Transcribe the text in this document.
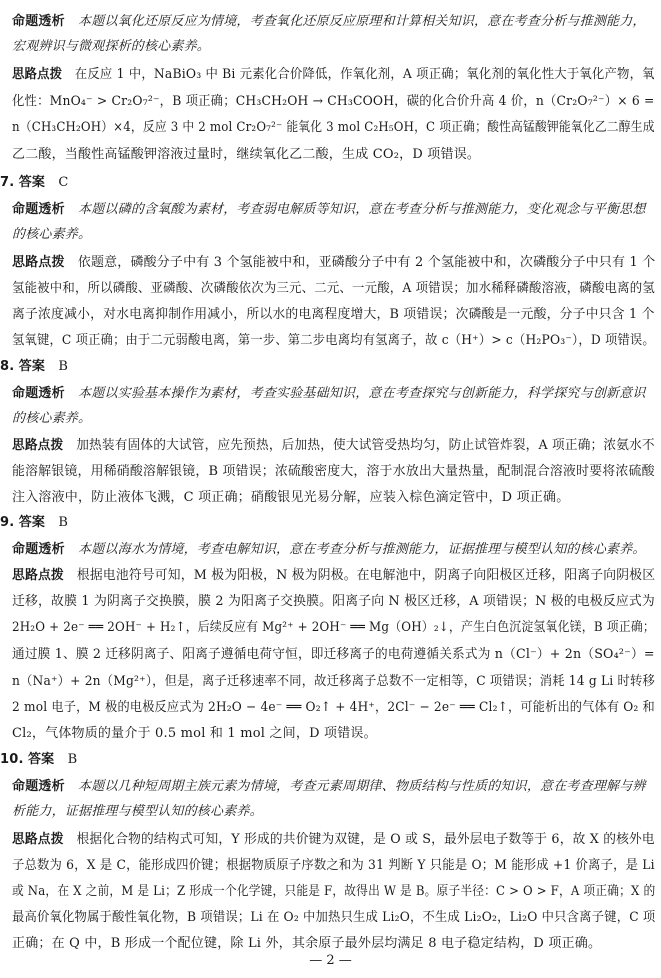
命题透析　 本题以氧化还原反应为情境，考查氧化还原反应原理和计算相关知识，意在考查分析与推测能力，
宏观辨识与微观探析的核心素养。
思路点拨　 在反应 1 中，NaBiO₃ 中 Bi 元素化合价降低，作氧化剂，A 项正确；氧化剂的氧化性大于氧化产物，氧
化性：MnO₄⁻ > Cr₂O₇²⁻，B 项正确；CH₃CH₂OH → CH₃COOH，碳的化合价升高 4 价，n（Cr₂O₇²⁻）× 6 =
n（CH₃CH₂OH）×4，反应 3 中 2 mol Cr₂O₇²⁻ 能氧化 3 mol C₂H₅OH，C 项正确；酸性高锰酸钾能氧化乙二醇生成
乙二酸，当酸性高锰酸钾溶液过量时，继续氧化乙二酸，生成 CO₂，D 项错误。
7. 答案　 C
命题透析　 本题以磷的含氧酸为素材，考查弱电解质等知识，意在考查分析与推测能力，变化观念与平衡思想
的核心素养。
思路点拨　 依题意，磷酸分子中有 3 个氢能被中和，亚磷酸分子中有 2 个氢能被中和，次磷酸分子中只有 1 个
氢能被中和，所以磷酸、亚磷酸、次磷酸依次为三元、二元、一元酸，A 项错误；加水稀释磷酸溶液，磷酸电离的氢
离子浓度减小，对水电离抑制作用减小，所以水的电离程度增大，B 项错误；次磷酸是一元酸，分子中只含 1 个
氢氧键，C 项正确；由于二元弱酸电离，第一步、第二步电离均有氢离子，故 c（H⁺）> c（H₂PO₃⁻），D 项错误。
8. 答案　 B
命题透析　 本题以实验基本操作为素材，考查实验基础知识，意在考查探究与创新能力，科学探究与创新意识
的核心素养。
思路点拨　 加热装有固体的大试管，应先预热，后加热，使大试管受热均匀，防止试管炸裂，A 项正确；浓氨水不
能溶解银镜，用稀硝酸溶解银镜，B 项错误；浓硫酸密度大，溶于水放出大量热量，配制混合溶液时要将浓硫酸
注入溶液中，防止液体飞溅，C 项正确；硝酸银见光易分解，应装入棕色滴定管中，D 项正确。
9. 答案　 B
命题透析　 本题以海水为情境，考查电解知识，意在考查分析与推测能力，证据推理与模型认知的核心素养。
思路点拨　 根据电池符号可知，M 极为阳极，N 极为阴极。在电解池中，阴离子向阳极区迁移，阳离子向阴极区
迁移，故膜 1 为阴离子交换膜，膜 2 为阳离子交换膜。阳离子向 N 极区迁移，A 项错误；N 极的电极反应式为
2H₂O + 2e⁻ ══ 2OH⁻ + H₂↑，后续反应有 Mg²⁺ + 2OH⁻ ══ Mg（OH）₂↓，产生白色沉淀氢氧化镁，B 项正确；
通过膜 1、膜 2 迁移阴离子、阳离子遵循电荷守恒，即迁移离子的电荷遵循关系式为 n（Cl⁻）+ 2n（SO₄²⁻）=
n（Na⁺）+ 2n（Mg²⁺），但是，离子迁移速率不同，故迁移离子总数不一定相等，C 项错误；消耗 14 g Li 时转移
2 mol 电子，M 极的电极反应式为 2H₂O − 4e⁻ ══ O₂↑ + 4H⁺，2Cl⁻ − 2e⁻ ══ Cl₂↑，可能析出的气体有 O₂ 和
Cl₂，气体物质的量介于 0.5 mol 和 1 mol 之间，D 项错误。
10. 答案　 B
命题透析　 本题以几种短周期主族元素为情境，考查元素周期律、物质结构与性质的知识，意在考查理解与辨
析能力，证据推理与模型认知的核心素养。
思路点拨　 根据化合物的结构式可知，Y 形成的共价键为双键，是 O 或 S，最外层电子数等于 6，故 X 的核外电
子总数为 6，X 是 C，能形成四价键；根据物质原子序数之和为 31 判断 Y 只能是 O；M 能形成 +1 价离子，是 Li
或 Na，在 X 之前，M 是 Li；Z 形成一个化学键，只能是 F，故得出 W 是 B。原子半径：C > O > F，A 项正确；X 的
最高价氧化物属于酸性氧化物，B 项错误；Li 在 O₂ 中加热只生成 Li₂O，不生成 Li₂O₂，Li₂O 中只含离子键，C 项
正确；在 Q 中，B 形成一个配位键，除 Li 外，其余原子最外层均满足 8 电子稳定结构，D 项正确。
— 2 —
